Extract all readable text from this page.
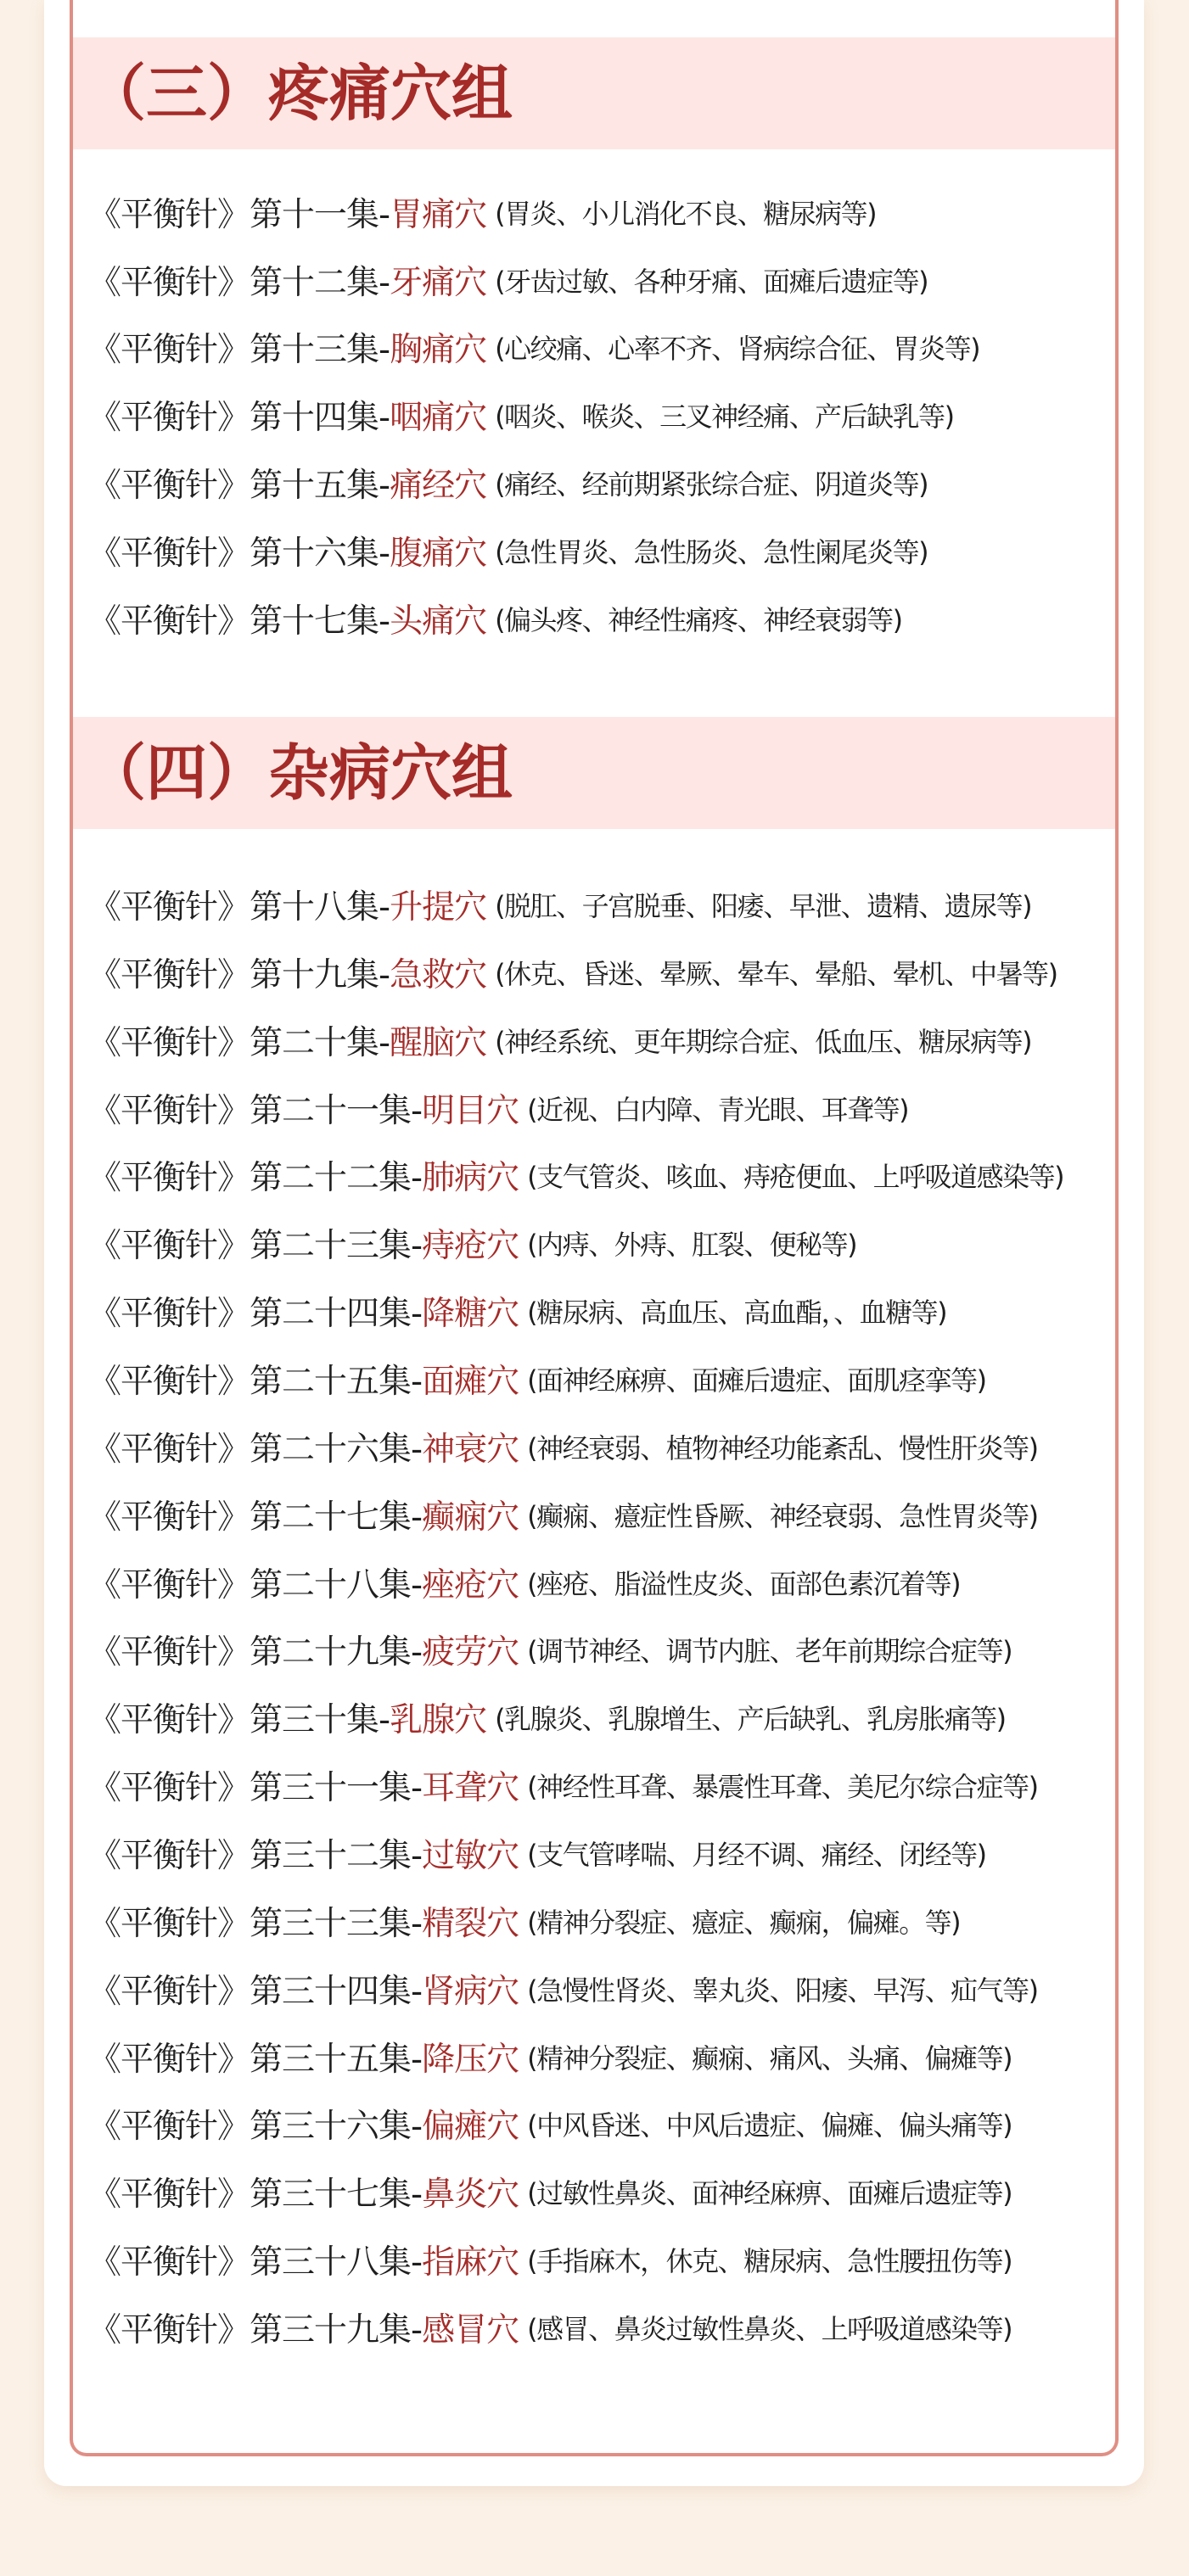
（三）疼痛穴组
《平衡针》第十一集- 胃痛穴 (胃炎、小儿消化不良、糖尿病等)
《平衡针》第十二集- 牙痛穴 (牙齿过敏、各种牙痛、面瘫后遗症等)
《平衡针》第十三集- 胸痛穴 (心绞痛、心率不齐、肾病综合征、胃炎等)
《平衡针》第十四集- 咽痛穴 (咽炎、喉炎、三叉神经痛、产后缺乳等)
《平衡针》第十五集- 痛经穴 (痛经、经前期紧张综合症、阴道炎等)
《平衡针》第十六集- 腹痛穴 (急性胃炎、急性肠炎、急性阑尾炎等)
《平衡针》第十七集- 头痛穴 (偏头疼、神经性痛疼、神经衰弱等)
（四）杂病穴组
《平衡针》第十八集- 升提穴 (脱肛、子宫脱垂、阳痿、早泄、遗精、遗尿等)
《平衡针》第十九集- 急救穴 (休克、昏迷、晕厥、晕车、晕船、晕机、中暑等)
《平衡针》第二十集- 醒脑穴 (神经系统、更年期综合症、低血压、糖尿病等)
《平衡针》第二十一集- 明目穴 (近视、白内障、青光眼、耳聋等)
《平衡针》第二十二集- 肺病穴 (支气管炎、咳血、痔疮便血、上呼吸道感染等)
《平衡针》第二十三集- 痔疮穴 (内痔、外痔、肛裂、便秘等)
《平衡针》第二十四集- 降糖穴 (糖尿病、高血压、高血酯，、血糖等)
《平衡针》第二十五集- 面瘫穴 (面神经麻痹、面瘫后遗症、面肌痉挛等)
《平衡针》第二十六集- 神衰穴 (神经衰弱、植物神经功能紊乱、慢性肝炎等)
《平衡针》第二十七集- 癫痫穴 (癫痫、癔症性昏厥、神经衰弱、急性胃炎等)
《平衡针》第二十八集- 痤疮穴 (痤疮、脂溢性皮炎、面部色素沉着等)
《平衡针》第二十九集- 疲劳穴 (调节神经、调节内脏、老年前期综合症等)
《平衡针》第三十集- 乳腺穴 (乳腺炎、乳腺增生、产后缺乳、乳房胀痛等)
《平衡针》第三十一集- 耳聋穴 (神经性耳聋、暴震性耳聋、美尼尔综合症等)
《平衡针》第三十二集- 过敏穴 (支气管哮喘、月经不调、痛经、闭经等)
《平衡针》第三十三集- 精裂穴 (精神分裂症、癔症、癫痫，偏瘫。等)
《平衡针》第三十四集- 肾病穴 (急慢性肾炎、睾丸炎、阳痿、早泻、疝气等)
《平衡针》第三十五集- 降压穴 (精神分裂症、癫痫、痛风、头痛、偏瘫等)
《平衡针》第三十六集- 偏瘫穴 (中风昏迷、中风后遗症、偏瘫、偏头痛等)
《平衡针》第三十七集- 鼻炎穴 (过敏性鼻炎、面神经麻痹、面瘫后遗症等)
《平衡针》第三十八集- 指麻穴 (手指麻木，休克、糖尿病、急性腰扭伤等)
《平衡针》第三十九集- 感冒穴 (感冒、鼻炎过敏性鼻炎、上呼吸道感染等)
